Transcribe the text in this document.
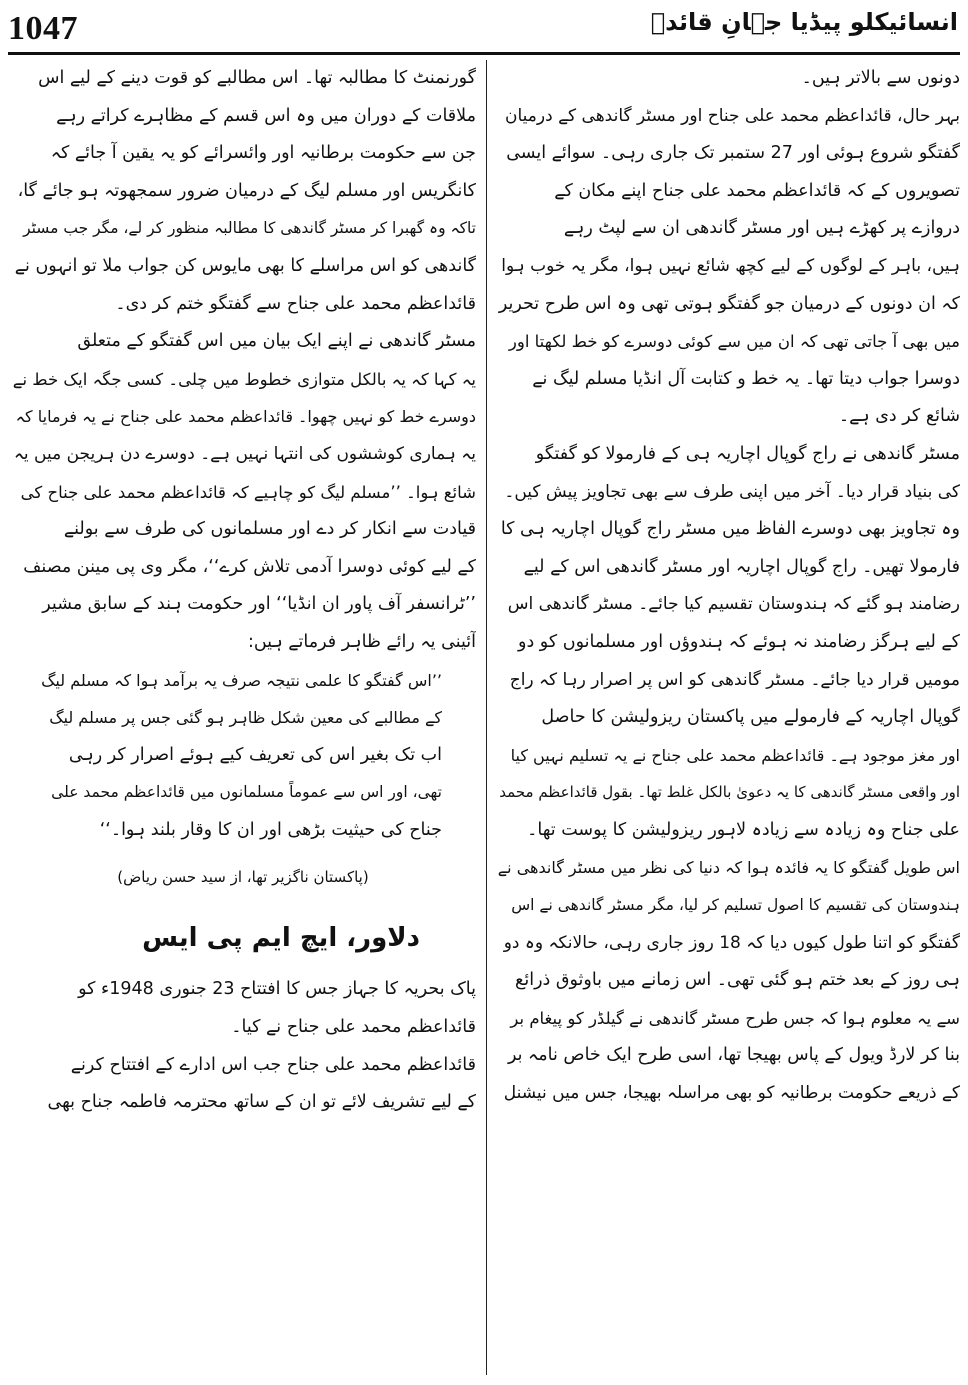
1047	انسائیکلو پیڈیا جہانِ قائدؒ
دونوں سے بالاتر ہیں۔
بہر حال، قائداعظم محمد علی جناح اور مسٹر گاندھی کے درمیان
گفتگو شروع ہوئی اور 27 ستمبر تک جاری رہی۔ سوائے ایسی
تصویروں کے کہ قائداعظم محمد علی جناح اپنے مکان کے
دروازے پر کھڑے ہیں اور مسٹر گاندھی ان سے لپٹ رہے
ہیں، باہر کے لوگوں کے لیے کچھ شائع نہیں ہوا، مگر یہ خوب ہوا
کہ ان دونوں کے درمیان جو گفتگو ہوتی تھی وہ اس طرح تحریر
میں بھی آ جاتی تھی کہ ان میں سے کوئی دوسرے کو خط لکھتا اور
دوسرا جواب دیتا تھا۔ یہ خط و کتابت آل انڈیا مسلم لیگ نے
شائع کر دی ہے۔
مسٹر گاندھی نے راج گوپال اچاریہ ہی کے فارمولا کو گفتگو
کی بنیاد قرار دیا۔ آخر میں اپنی طرف سے بھی تجاویز پیش کیں۔
وہ تجاویز بھی دوسرے الفاظ میں مسٹر راج گوپال اچاریہ ہی کا
فارمولا تھیں۔ راج گوپال اچاریہ اور مسٹر گاندھی اس کے لیے
رضامند ہو گئے کہ ہندوستان تقسیم کیا جائے۔ مسٹر گاندھی اس
کے لیے ہرگز رضامند نہ ہوئے کہ ہندوؤں اور مسلمانوں کو دو
مومیں قرار دیا جائے۔ مسٹر گاندھی کو اس پر اصرار رہا کہ راج
گوپال اچاریہ کے فارمولے میں پاکستان ریزولیشن کا حاصل
اور مغز موجود ہے۔ قائداعظم محمد علی جناح نے یہ تسلیم نہیں کیا
اور واقعی مسٹر گاندھی کا یہ دعویٰ بالکل غلط تھا۔ بقول قائداعظم محمد
علی جناح وہ زیادہ سے زیادہ لاہور ریزولیشن کا پوست تھا۔
اس طویل گفتگو کا یہ فائدہ ہوا کہ دنیا کی نظر میں مسٹر گاندھی نے
ہندوستان کی تقسیم کا اصول تسلیم کر لیا، مگر مسٹر گاندھی نے اس
گفتگو کو اتنا طول کیوں دیا کہ 18 روز جاری رہی، حالانکہ وہ دو
ہی روز کے بعد ختم ہو گئی تھی۔ اس زمانے میں باوثوق ذرائع
سے یہ معلوم ہوا کہ جس طرح مسٹر گاندھی نے گیلڈر کو پیغام بر
بنا کر لارڈ ویول کے پاس بھیجا تھا، اسی طرح ایک خاص نامہ بر
کے ذریعے حکومت برطانیہ کو بھی مراسلہ بھیجا، جس میں نیشنل
گورنمنٹ کا مطالبہ تھا۔ اس مطالبے کو قوت دینے کے لیے اس
ملاقات کے دوران میں وہ اس قسم کے مظاہرے کراتے رہے
جن سے حکومت برطانیہ اور وائسرائے کو یہ یقین آ جائے کہ
کانگریس اور مسلم لیگ کے درمیان ضرور سمجھوتہ ہو جائے گا،
تاکہ وہ گھبرا کر مسٹر گاندھی کا مطالبہ منظور کر لے، مگر جب مسٹر
گاندھی کو اس مراسلے کا بھی مایوس کن جواب ملا تو انہوں نے
قائداعظم محمد علی جناح سے گفتگو ختم کر دی۔
مسٹر گاندھی نے اپنے ایک بیان میں اس گفتگو کے متعلق
یہ کہا کہ یہ بالکل متوازی خطوط میں چلی۔ کسی جگہ ایک خط نے
دوسرے خط کو نہیں چھوا۔ قائداعظم محمد علی جناح نے یہ فرمایا کہ
یہ ہماری کوششوں کی انتہا نہیں ہے۔ دوسرے دن ہریجن میں یہ
شائع ہوا۔ ’’مسلم لیگ کو چاہیے کہ قائداعظم محمد علی جناح کی
قیادت سے انکار کر دے اور مسلمانوں کی طرف سے بولنے
کے لیے کوئی دوسرا آدمی تلاش کرے‘‘، مگر وی پی مینن مصنف
’’ٹرانسفر آف پاور ان انڈیا‘‘ اور حکومت ہند کے سابق مشیر
آئینی یہ رائے ظاہر فرماتے ہیں:
’’اس گفتگو کا علمی نتیجہ صرف یہ برآمد ہوا کہ مسلم لیگ
کے مطالبے کی معین شکل ظاہر ہو گئی جس پر مسلم لیگ
اب تک بغیر اس کی تعریف کیے ہوئے اصرار کر رہی
تھی، اور اس سے عموماً مسلمانوں میں قائداعظم محمد علی
جناح کی حیثیت بڑھی اور ان کا وقار بلند ہوا۔‘‘
(پاکستان ناگزیر تھا، از سید حسن ریاض)
دلاور، ایچ ایم پی ایس
پاک بحریہ کا جہاز جس کا افتتاح 23 جنوری 1948ء کو
قائداعظم محمد علی جناح نے کیا۔
قائداعظم محمد علی جناح جب اس ادارے کے افتتاح کرنے
کے لیے تشریف لائے تو ان کے ساتھ محترمہ فاطمہ جناح بھی
